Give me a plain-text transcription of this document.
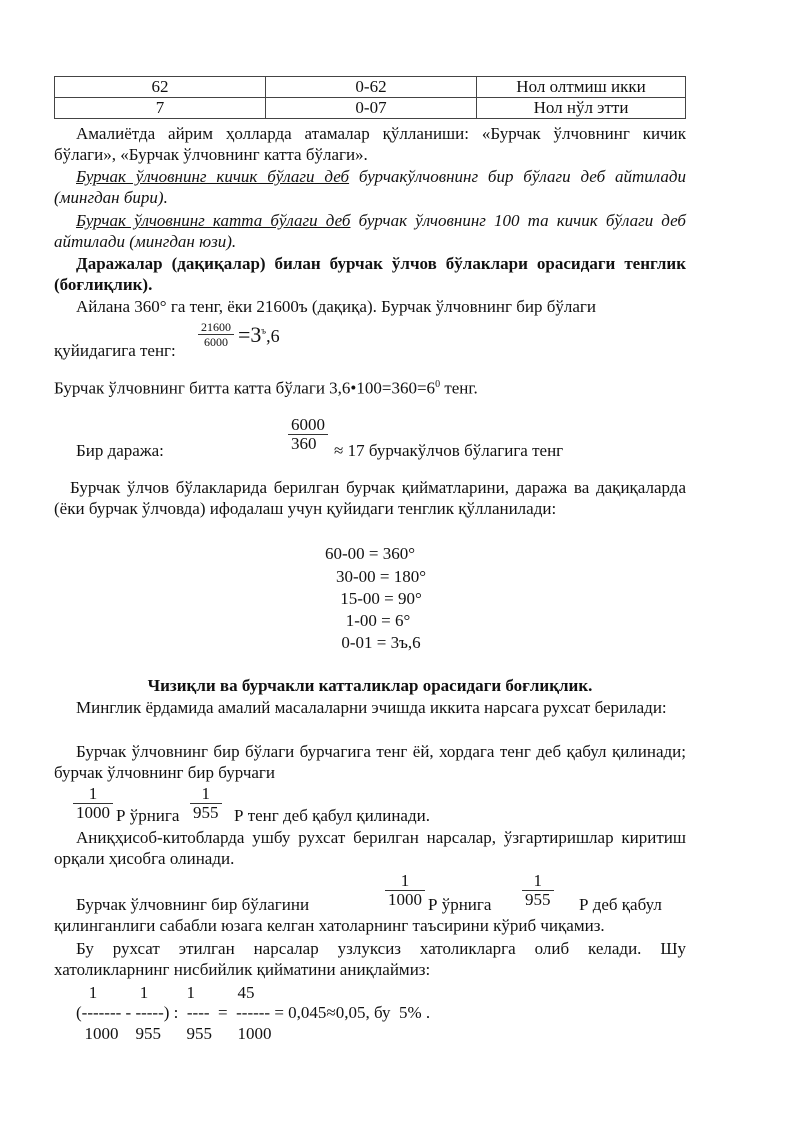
62	0-62	Нол олтмиш икки
7	0-07	Нол нўл этти

Амалиётда айрим ҳолларда атамалар қўлланиши: «Бурчак ўлчовнинг кичик бўлаги», «Бурчак ўлчовнинг катта бўлаги».

Бурчак ўлчовнинг кичик бўлаги деб бурчакўлчовнинг бир бўлаги деб айтилади (мингдан бири).

Бурчак ўлчовнинг катта бўлаги деб бурчак ўлчовнинг 100 та кичик бўлаги деб айтилади (мингдан юзи).

Даражалар (дақиқалар) билан бурчак ўлчов бўлаклари орасидаги тенглик (боғлиқлик).

Айлана 360° га тенг, ёки 21600ъ (дақиқа). Бурчак ўлчовнинг бир бўлаги

қуйидагига тенг:
$\frac{21600}{6000} =3^ъ,6$
Бурчак ўлчовнинг битта катта бўлаги $3,6•100=360=6^0$ тенг.
Бир даража:	$\frac{6000}{360} \approx 17$ бурчакўлчов бўлагига тенг

Бурчак ўлчов бўлакларида берилган бурчак қийматларини, даража ва дақиқаларда (ёки бурчак ўлчовда) ифодалаш учун қуйидаги тенглик қўлланилади:

60-00 = 360°
30-00 = 180°
15-00 = 90°
1-00 = 6°
0-01 = 3ъ,6
Чизиқли ва бурчакли катталиклар орасидаги боғлиқлик.

Минглик ёрдамида амалий масалаларни эчишда иккита нарсага рухсат берилади:

Бурчак ўлчовнинг бир бўлаги бурчагига тенг ёй, хордага тенг деб қабул қилинади; бурчак ўлчовнинг бир бурчаги

$\frac{1}{1000}$ Р ўрнига $\frac{1}{955}$ Р тенг деб қабул қилинади.

Аниқҳисоб-китобларда ушбу рухсат берилган нарсалар, ўзгартиришлар киритиш орқали ҳисобга олинади.

Бурчак ўлчовнинг бир бўлагини	$\frac{1}{1000}$ Р ўрнига $\frac{1}{955}$ Р деб қабул
қилинганлиги сабабли юзага келган хатоларнинг таъсирини кўриб чиқамиз.

Бу рухсат этилган нарсалар узлуксиз хатоликларга олиб келади. Шу хатоликларнинг нисбийлик қийматини аниқлаймиз:

1          1         1          45
(------- - -----) :  ----  =  ------ = 0,045≈0,05, бу  5% .
1000    955      955      1000
